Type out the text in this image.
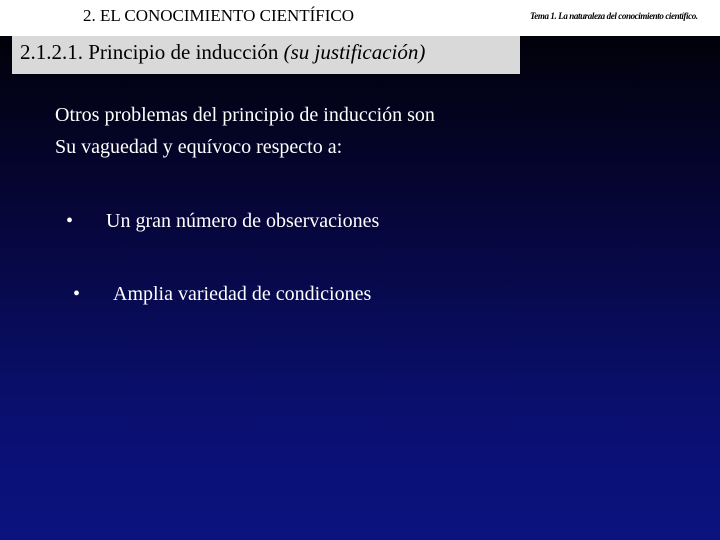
2. EL CONOCIMIENTO CIENTÍFICO	Tema 1. La naturaleza del conocimiento científico.
2.1.2.1. Principio de inducción (su justificación)
Otros problemas del principio de inducción son
Su vaguedad y equívoco respecto a:
• Un gran número de observaciones
• Amplia variedad de condiciones
